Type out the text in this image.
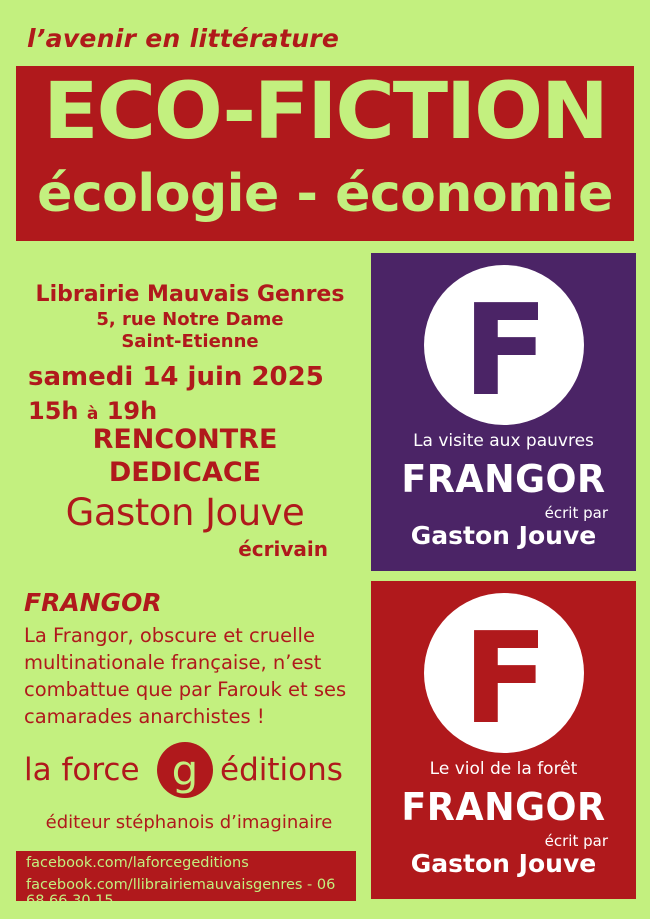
l’avenir en littérature
ECO-FICTION
écologie - économie
Librairie Mauvais Genres
5, rue Notre Dame
Saint-Etienne
samedi 14 juin 2025
15h à 19h
RENCONTRE
DEDICACE
Gaston Jouve
écrivain
FRANGOR
La Frangor, obscure et cruelle multinationale française, n’est combattue que par Farouk et ses camarades anarchistes !
la force g éditions
éditeur stéphanois d’imaginaire
facebook.com/laforcegeditions
facebook.com/llibrairiemauvaisgenres - 06 68 66 30 15
F
La visite aux pauvres
FRANGOR
écrit par
Gaston Jouve
F
Le viol de la forêt
FRANGOR
écrit par
Gaston Jouve
